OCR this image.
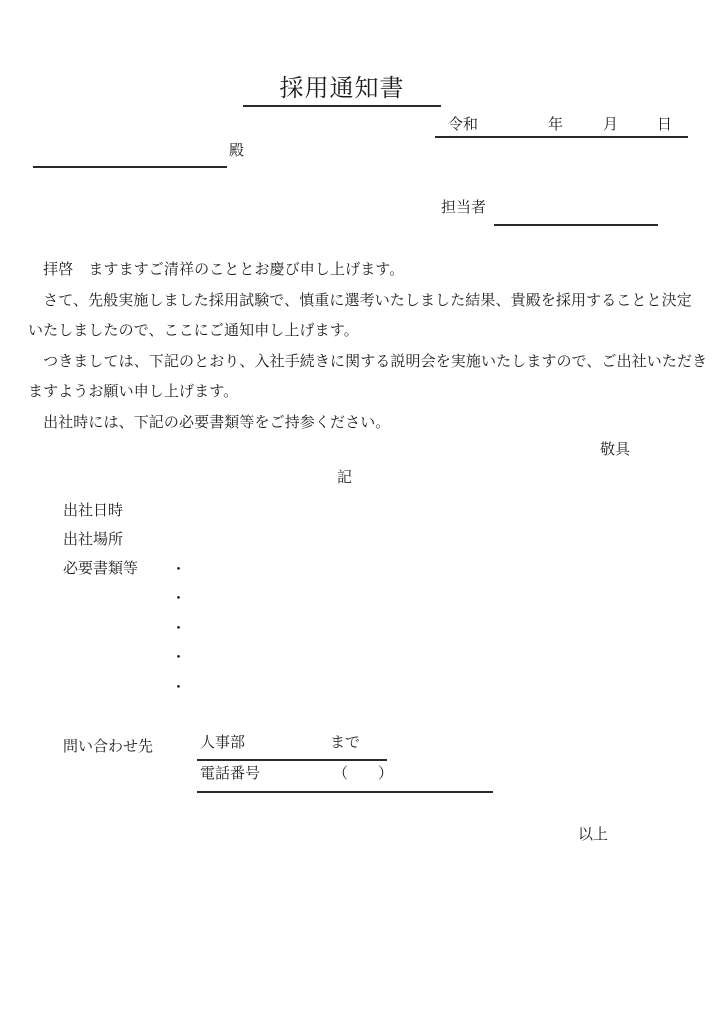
採用通知書
令和	年	月	日
殿
担当者
　拝啓　ますますご清祥のこととお慶び申し上げます。
　さて、先般実施しました採用試験で、慎重に選考いたしました結果、貴殿を採用することと決定
いたしましたので、ここにご通知申し上げます。
　つきましては、下記のとおり、入社手続きに関する説明会を実施いたしますので、ご出社いただき
ますようお願い申し上げます。
　出社時には、下記の必要書類等をご持参ください。
敬具
記
出社日時
出社場所
必要書類等 ・
・
・
・
・
問い合わせ先	人事部	まで
電話番号	（　　）
以上
